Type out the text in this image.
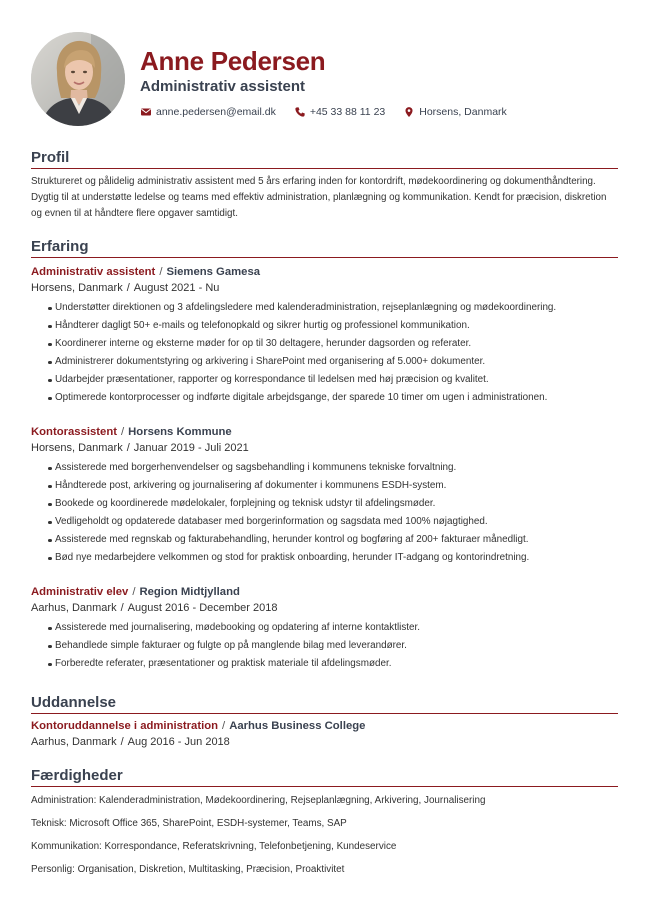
Anne Pedersen
Administrativ assistent
anne.pedersen@email.dk	+45 33 88 11 23	Horsens, Danmark
Profil
Struktureret og pålidelig administrativ assistent med 5 års erfaring inden for kontordrift, mødekoordinering og dokumenthåndtering. Dygtig til at understøtte ledelse og teams med effektiv administration, planlægning og kommunikation. Kendt for præcision, diskretion og evnen til at håndtere flere opgaver samtidigt.
Erfaring
Administrativ assistent / Siemens Gamesa
Horsens, Danmark / August 2021 - Nu
Understøtter direktionen og 3 afdelingsledere med kalenderadministration, rejseplanlægning og mødekoordinering.
Håndterer dagligt 50+ e-mails og telefonopkald og sikrer hurtig og professionel kommunikation.
Koordinerer interne og eksterne møder for op til 30 deltagere, herunder dagsorden og referater.
Administrerer dokumentstyring og arkivering i SharePoint med organisering af 5.000+ dokumenter.
Udarbejder præsentationer, rapporter og korrespondance til ledelsen med høj præcision og kvalitet.
Optimerede kontorprocesser og indførte digitale arbejdsgange, der sparede 10 timer om ugen i administrationen.
Kontorassistent / Horsens Kommune
Horsens, Danmark / Januar 2019 - Juli 2021
Assisterede med borgerhenvendelser og sagsbehandling i kommunens tekniske forvaltning.
Håndterede post, arkivering og journalisering af dokumenter i kommunens ESDH-system.
Bookede og koordinerede mødelokaler, forplejning og teknisk udstyr til afdelingsmøder.
Vedligeholdt og opdaterede databaser med borgerinformation og sagsdata med 100% nøjagtighed.
Assisterede med regnskab og fakturabehandling, herunder kontrol og bogføring af 200+ fakturaer månedligt.
Bød nye medarbejdere velkommen og stod for praktisk onboarding, herunder IT-adgang og kontorindretning.
Administrativ elev / Region Midtjylland
Aarhus, Danmark / August 2016 - December 2018
Assisterede med journalisering, mødebooking og opdatering af interne kontaktlister.
Behandlede simple fakturaer og fulgte op på manglende bilag med leverandører.
Forberedte referater, præsentationer og praktisk materiale til afdelingsmøder.
Uddannelse
Kontoruddannelse i administration / Aarhus Business College
Aarhus, Danmark / Aug 2016 - Jun 2018
Færdigheder
Administration: Kalenderadministration, Mødekoordinering, Rejseplanlægning, Arkivering, Journalisering
Teknisk: Microsoft Office 365, SharePoint, ESDH-systemer, Teams, SAP
Kommunikation: Korrespondance, Referatskrivning, Telefonbetjening, Kundeservice
Personlig: Organisation, Diskretion, Multitasking, Præcision, Proaktivitet
